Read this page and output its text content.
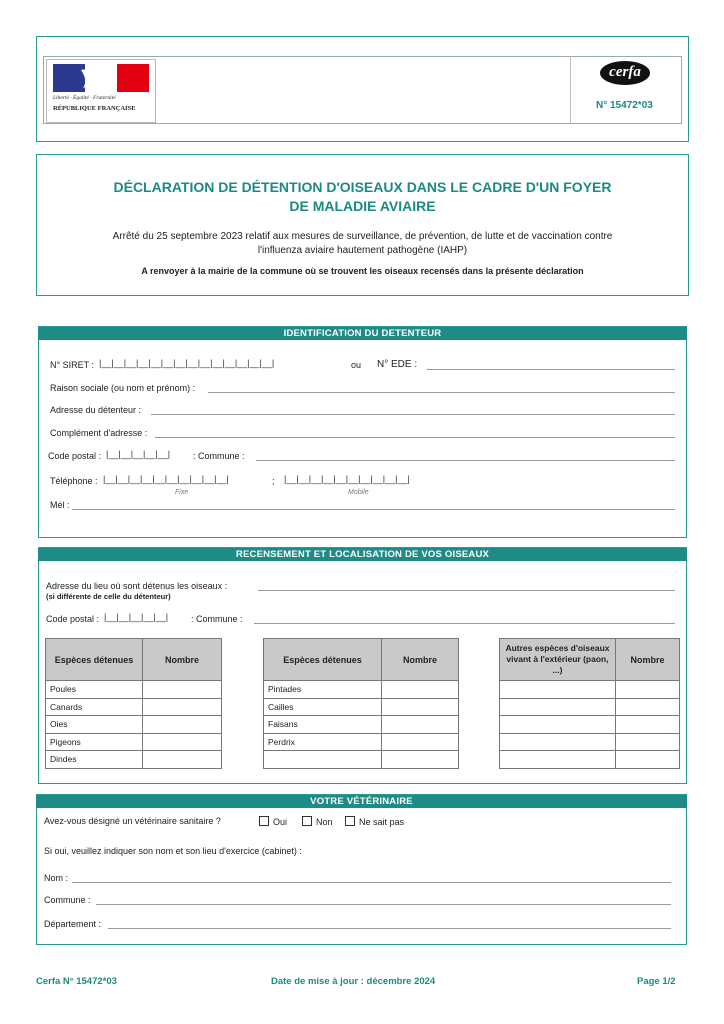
Liberté · Égalité · Fraternité
RÉPUBLIQUE FRANÇAISE
cerfa
N° 15472*03
DÉCLARATION DE DÉTENTION D'OISEAUX DANS LE CADRE D'UN FOYER
DE MALADIE AVIAIRE
Arrêté du 25 septembre 2023 relatif aux mesures de surveillance, de prévention, de lutte et de vaccination contre
l'influenza aviaire hautement pathogène (IAHP)
A renvoyer à la mairie de la commune où se trouvent les oiseaux recensés dans la présente déclaration
IDENTIFICATION DU DETENTEUR
N° SIRET : |__|__|__|__|__|__|__|__|__|__|__|__|__|__|	ou N° EDE :
Raison sociale (ou nom et prénom) :
Adresse du détenteur :
Complément d'adresse :
Code postal : |__|__|__|__|__|	: Commune :
Téléphone : |__|__|__|__|__|__|__|__|__|__|	; |__|__|__|__|__|__|__|__|__|__|
Fixe	Mobile
Mél :
RECENSEMENT ET LOCALISATION DE VOS OISEAUX
Adresse du lieu où sont détenus les oiseaux :
(si différente de celle du détenteur)
Code postal : |__|__|__|__|__|	: Commune :
Espèces détenues	Nombre
Poules	
Canards	
Oies	
Pigeons	
Dindes	
Espèces détenues	Nombre
Pintades	
Cailles	
Faisans	
Perdrix	

Autres espèces d'oiseaux vivant à l'extérieur (paon, ...)	Nombre

VOTRE VÉTÉRINAIRE
Avez-vous désigné un vétérinaire sanitaire ?	Oui	Non	Ne sait pas
Si oui, veuillez indiquer son nom et son lieu d'exercice (cabinet) :
Nom :
Commune :
Département :
Cerfa N° 15472*03	Date de mise à jour : décembre 2024	Page 1/2
